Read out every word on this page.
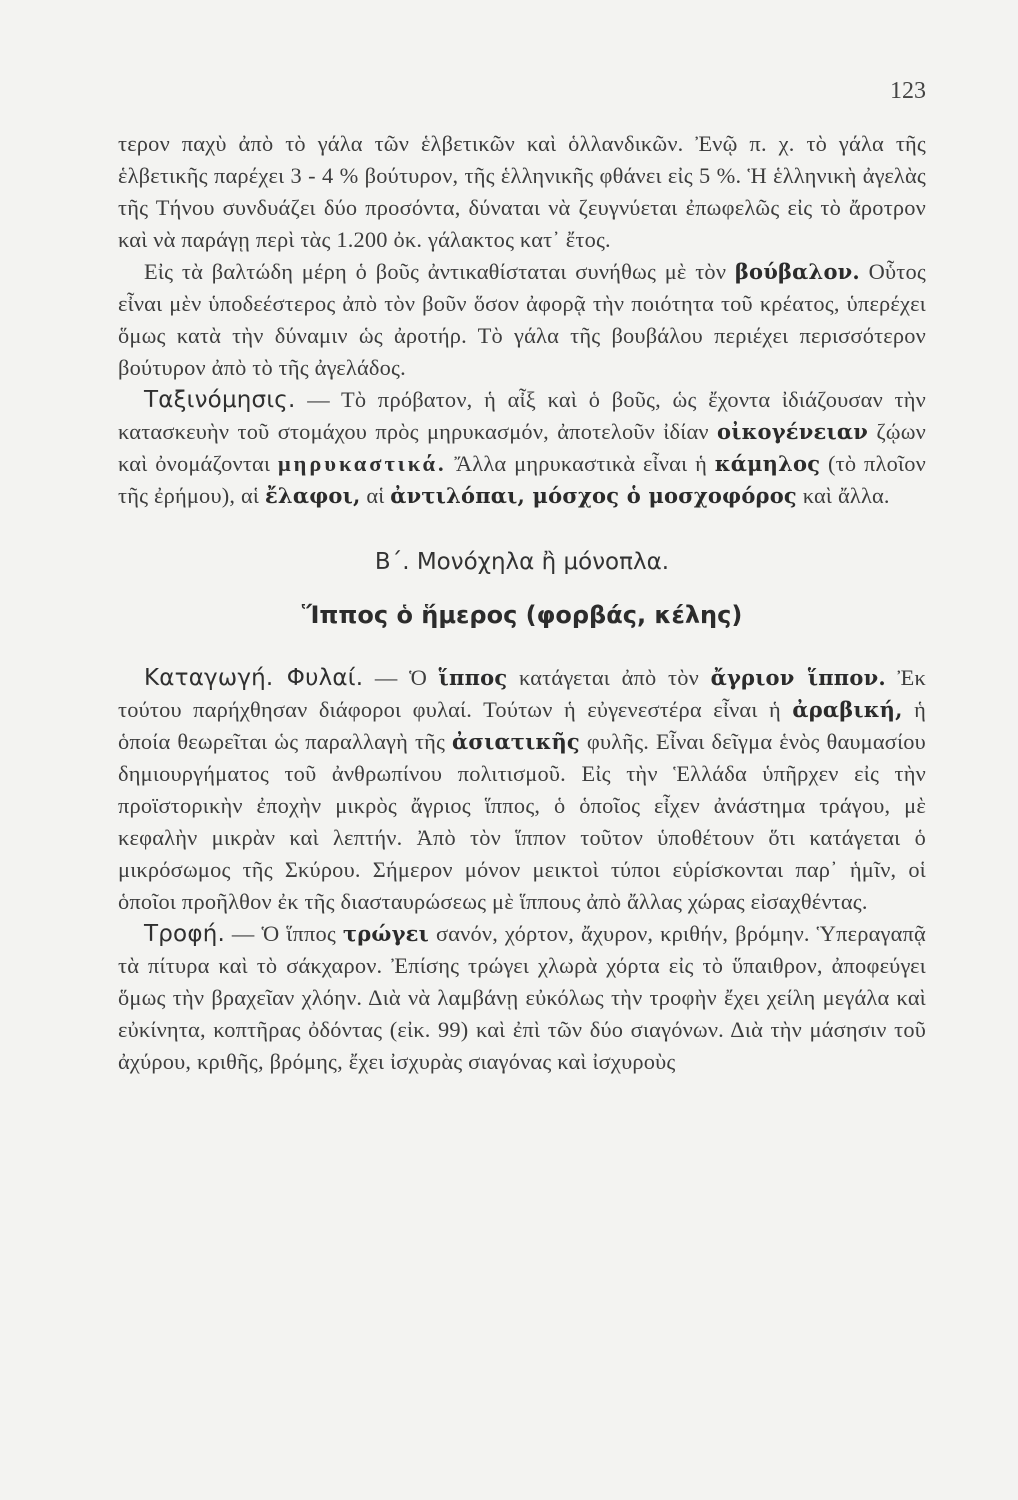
123

τερον παχὺ ἀπὸ τὸ γάλα τῶν ἑλβετικῶν καὶ ὁλλανδικῶν. Ἐνῷ π. χ. τὸ γάλα τῆς ἑλβετικῆς παρέχει 3 - 4 % βούτυρον, τῆς ἑλληνικῆς φθάνει εἰς 5 %. Ἡ ἑλληνικὴ ἀγελὰς τῆς Τήνου συνδυάζει δύο προσόντα, δύναται νὰ ζευγνύεται ἐπωφελῶς εἰς τὸ ἄροτρον καὶ νὰ παράγῃ περὶ τὰς 1.200 ὀκ. γάλακτος κατ᾽ ἔτος.

Εἰς τὰ βαλτώδη μέρη ὁ βοῦς ἀντικαθίσταται συνήθως μὲ τὸν βούβαλον. Οὗτος εἶναι μὲν ὑποδεέστερος ἀπὸ τὸν βοῦν ὅσον ἀφορᾷ τὴν ποιότητα τοῦ κρέατος, ὑπερέχει ὅμως κατὰ τὴν δύναμιν ὡς ἀροτήρ. Τὸ γάλα τῆς βουβάλου περιέχει περισσότερον βούτυρον ἀπὸ τὸ τῆς ἀγελάδος.

Ταξινόμησις. — Τὸ πρόβατον, ἡ αἶξ καὶ ὁ βοῦς, ὡς ἔχοντα ἰδιάζουσαν τὴν κατασκευὴν τοῦ στομάχου πρὸς μηρυκασμόν, ἀποτελοῦν ἰδίαν οἰκογένειαν ζῴων καὶ ὀνομάζονται μηρυκαστικά. Ἄλλα μηρυκαστικὰ εἶναι ἡ κάμηλος (τὸ πλοῖον τῆς ἐρήμου), αἱ ἔλαφοι, αἱ ἀντιλόπαι, μόσχος ὁ μοσχοφόρος καὶ ἄλλα.

Β΄. Μονόχηλα ἢ μόνοπλα.
Ἵππος ὁ ἥμερος (φορβάς, κέλης)

Καταγωγή. Φυλαί. — Ὁ ἵππος κατάγεται ἀπὸ τὸν ἄγριον ἵππον. Ἐκ τούτου παρήχθησαν διάφοροι φυλαί. Τούτων ἡ εὐγενεστέρα εἶναι ἡ ἀραβική, ἡ ὁποία θεωρεῖται ὡς παραλλαγὴ τῆς ἀσιατικῆς φυλῆς. Εἶναι δεῖγμα ἑνὸς θαυμασίου δημιουργήματος τοῦ ἀνθρωπίνου πολιτισμοῦ. Εἰς τὴν Ἑλλάδα ὑπῆρχεν εἰς τὴν προϊστορικὴν ἐποχὴν μικρὸς ἄγριος ἵππος, ὁ ὁποῖος εἶχεν ἀνάστημα τράγου, μὲ κεφαλὴν μικρὰν καὶ λεπτήν. Ἀπὸ τὸν ἵππον τοῦτον ὑποθέτουν ὅτι κατάγεται ὁ μικρόσωμος τῆς Σκύρου. Σήμερον μόνον μεικτοὶ τύποι εὑρίσκονται παρ᾽ ἡμῖν, οἱ ὁποῖοι προῆλθον ἐκ τῆς διασταυρώσεως μὲ ἵππους ἀπὸ ἄλλας χώρας εἰσαχθέντας.

Τροφή. — Ὁ ἵππος τρώγει σανόν, χόρτον, ἄχυρον, κριθήν, βρόμην. Ὑπεραγαπᾷ τὰ πίτυρα καὶ τὸ σάκχαρον. Ἐπίσης τρώγει χλωρὰ χόρτα εἰς τὸ ὕπαιθρον, ἀποφεύγει ὅμως τὴν βραχεῖαν χλόην. Διὰ νὰ λαμβάνῃ εὐκόλως τὴν τροφὴν ἔχει χείλη μεγάλα καὶ εὐκίνητα, κοπτῆρας ὀδόντας (εἰκ. 99) καὶ ἐπὶ τῶν δύο σιαγόνων. Διὰ τὴν μάσησιν τοῦ ἀχύρου, κριθῆς, βρόμης, ἔχει ἰσχυρὰς σιαγόνας καὶ ἰσχυροὺς
